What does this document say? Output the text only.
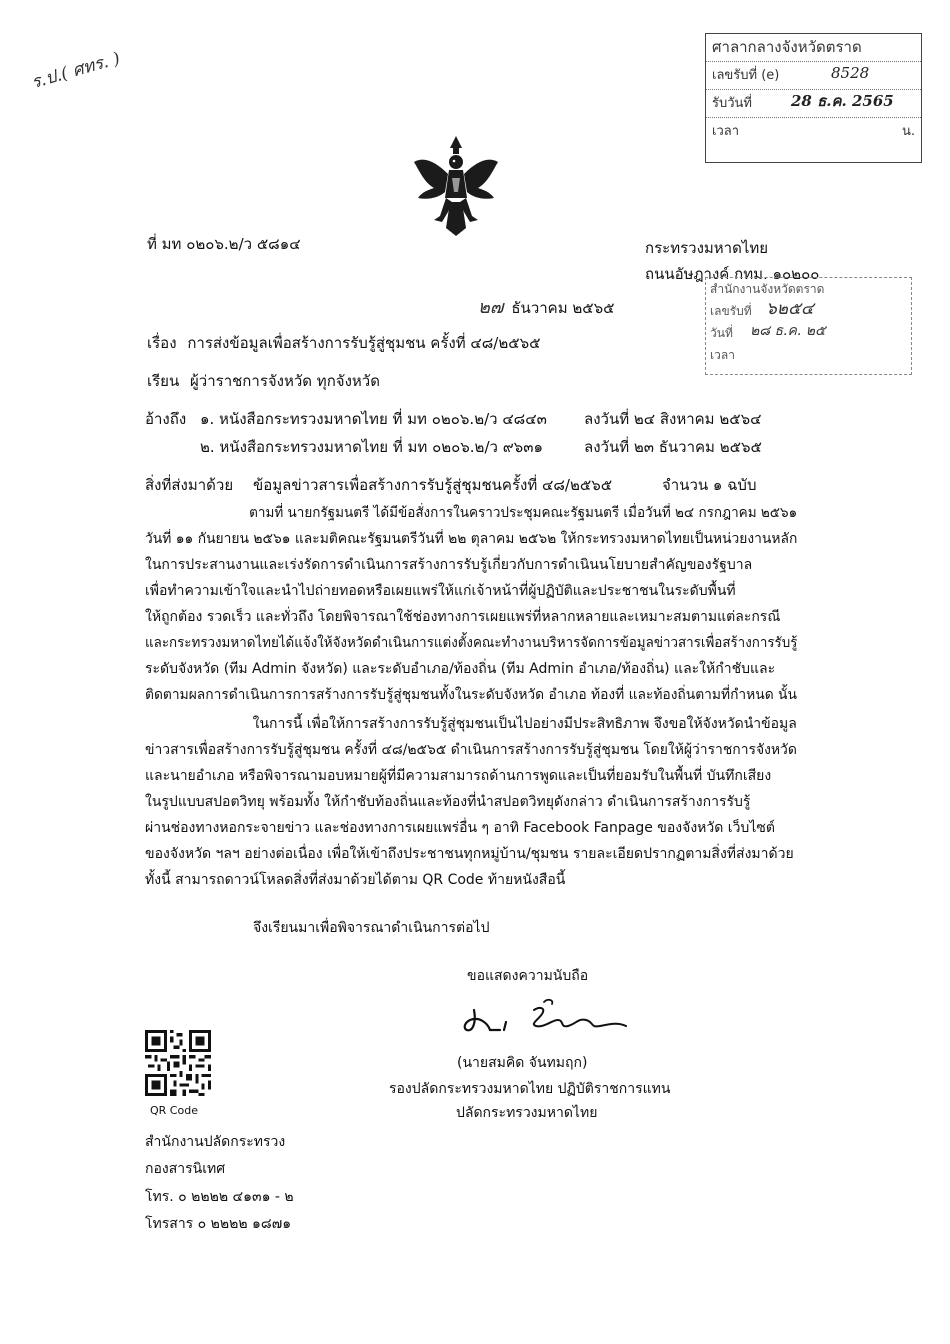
ร.ป.( ศทร. )
ศาลากลางจังหวัดตราด
เลขรับที่ (e)	8528
รับวันที่	28 ธ.ค. 2565
เวลา	น.
ที่ มท ๐๒๐๖.๒/ว ๕๘๑๔	กระทรวงมหาดไทย
ถนนอัษฎางค์ กทม. ๑๐๒๐๐
สำนักงานจังหวัดตราด
เลขรับที่ ๖๒๕๔
วันที่ ๒๘ ธ.ค. ๒๕
เวลา
๒๗ ธันวาคม ๒๕๖๕
เรื่อง การส่งข้อมูลเพื่อสร้างการรับรู้สู่ชุมชน ครั้งที่ ๔๘/๒๕๖๕
เรียน ผู้ว่าราชการจังหวัด ทุกจังหวัด
อ้างถึง ๑. หนังสือกระทรวงมหาดไทย ที่ มท ๐๒๐๖.๒/ว ๔๘๔๓ ลงวันที่ ๒๔ สิงหาคม ๒๕๖๔
๒. หนังสือกระทรวงมหาดไทย ที่ มท ๐๒๐๖.๒/ว ๙๖๓๑	ลงวันที่ ๒๓ ธันวาคม ๒๕๖๕
สิ่งที่ส่งมาด้วย ข้อมูลข่าวสารเพื่อสร้างการรับรู้สู่ชุมชนครั้งที่ ๔๘/๒๕๖๕	จำนวน ๑ ฉบับ
ตามที่ นายกรัฐมนตรี ได้มีข้อสั่งการในคราวประชุมคณะรัฐมนตรี เมื่อวันที่ ๒๔ กรกฎาคม ๒๕๖๑
วันที่ ๑๑ กันยายน ๒๕๖๑ และมติคณะรัฐมนตรีวันที่ ๒๒ ตุลาคม ๒๕๖๒ ให้กระทรวงมหาดไทยเป็นหน่วยงานหลัก
ในการประสานงานและเร่งรัดการดำเนินการสร้างการรับรู้เกี่ยวกับการดำเนินนโยบายสำคัญของรัฐบาล
เพื่อทำความเข้าใจและนำไปถ่ายทอดหรือเผยแพร่ให้แก่เจ้าหน้าที่ผู้ปฏิบัติและประชาชนในระดับพื้นที่
ให้ถูกต้อง รวดเร็ว และทั่วถึง โดยพิจารณาใช้ช่องทางการเผยแพร่ที่หลากหลายและเหมาะสมตามแต่ละกรณี
และกระทรวงมหาดไทยได้แจ้งให้จังหวัดดำเนินการแต่งตั้งคณะทำงานบริหารจัดการข้อมูลข่าวสารเพื่อสร้างการรับรู้
ระดับจังหวัด (ทีม Admin จังหวัด) และระดับอำเภอ/ท้องถิ่น (ทีม Admin อำเภอ/ท้องถิ่น) และให้กำชับและ
ติดตามผลการดำเนินการการสร้างการรับรู้สู่ชุมชนทั้งในระดับจังหวัด อำเภอ ท้องที่ และท้องถิ่นตามที่กำหนด นั้น
ในการนี้ เพื่อให้การสร้างการรับรู้สู่ชุมชนเป็นไปอย่างมีประสิทธิภาพ จึงขอให้จังหวัดนำข้อมูล
ข่าวสารเพื่อสร้างการรับรู้สู่ชุมชน ครั้งที่ ๔๘/๒๕๖๕ ดำเนินการสร้างการรับรู้สู่ชุมชน โดยให้ผู้ว่าราชการจังหวัด
และนายอำเภอ หรือพิจารณามอบหมายผู้ที่มีความสามารถด้านการพูดและเป็นที่ยอมรับในพื้นที่ บันทึกเสียง
ในรูปแบบสปอตวิทยุ พร้อมทั้ง ให้กำชับท้องถิ่นและท้องที่นำสปอตวิทยุดังกล่าว ดำเนินการสร้างการรับรู้
ผ่านช่องทางหอกระจายข่าว และช่องทางการเผยแพร่อื่น ๆ อาทิ Facebook Fanpage ของจังหวัด เว็บไซต์
ของจังหวัด ฯลฯ อย่างต่อเนื่อง เพื่อให้เข้าถึงประชาชนทุกหมู่บ้าน/ชุมชน รายละเอียดปรากฏตามสิ่งที่ส่งมาด้วย
ทั้งนี้ สามารถดาวน์โหลดสิ่งที่ส่งมาด้วยได้ตาม QR Code ท้ายหนังสือนี้
จึงเรียนมาเพื่อพิจารณาดำเนินการต่อไป
ขอแสดงความนับถือ
(นายสมคิด จันทมฤก)
รองปลัดกระทรวงมหาดไทย ปฏิบัติราชการแทน
ปลัดกระทรวงมหาดไทย
QR Code
สำนักงานปลัดกระทรวง
กองสารนิเทศ
โทร. ๐ ๒๒๒๒ ๔๑๓๑ - ๒
โทรสาร ๐ ๒๒๒๒ ๑๘๗๑
